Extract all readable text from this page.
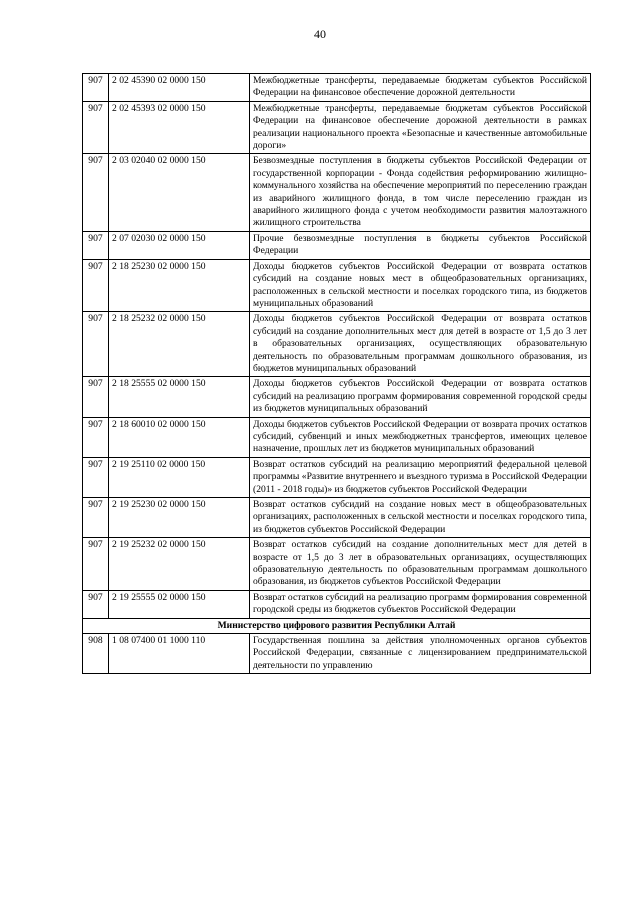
40
907	2 02 45390 02 0000 150	Межбюджетные трансферты, передаваемые бюджетам субъектов Российской Федерации на финансовое обеспечение дорожной деятельности
907	2 02 45393 02 0000 150	Межбюджетные трансферты, передаваемые бюджетам субъектов Российской Федерации на финансовое обеспечение дорожной деятельности в рамках реализации национального проекта «Безопасные и качественные автомобильные дороги»
907	2 03 02040 02 0000 150	Безвозмездные поступления в бюджеты субъектов Российской Федерации от государственной корпорации - Фонда содействия реформированию жилищно-коммунального хозяйства на обеспечение мероприятий по переселению граждан из аварийного жилищного фонда, в том числе переселению граждан из аварийного жилищного фонда с учетом необходимости развития малоэтажного жилищного строительства
907	2 07 02030 02 0000 150	Прочие безвозмездные поступления в бюджеты субъектов Российской Федерации
907	2 18 25230 02 0000 150	Доходы бюджетов субъектов Российской Федерации от возврата остатков субсидий на создание новых мест в общеобразовательных организациях, расположенных в сельской местности и поселках городского типа, из бюджетов муниципальных образований
907	2 18 25232 02 0000 150	Доходы бюджетов субъектов Российской Федерации от возврата остатков субсидий на создание дополнительных мест для детей в возрасте от 1,5 до 3 лет в образовательных организациях, осуществляющих образовательную деятельность по образовательным программам дошкольного образования, из бюджетов муниципальных образований
907	2 18 25555 02 0000 150	Доходы бюджетов субъектов Российской Федерации от возврата остатков субсидий на реализацию программ формирования современной городской среды из бюджетов муниципальных образований
907	2 18 60010 02 0000 150	Доходы бюджетов субъектов Российской Федерации от возврата прочих остатков субсидий, субвенций и иных межбюджетных трансфертов, имеющих целевое назначение, прошлых лет из бюджетов муниципальных образований
907	2 19 25110 02 0000 150	Возврат остатков субсидий на реализацию мероприятий федеральной целевой программы «Развитие внутреннего и въездного туризма в Российской Федерации (2011 - 2018 годы)» из бюджетов субъектов Российской Федерации
907	2 19 25230 02 0000 150	Возврат остатков субсидий на создание новых мест в общеобразовательных организациях, расположенных в сельской местности и поселках городского типа, из бюджетов субъектов Российской Федерации
907	2 19 25232 02 0000 150	Возврат остатков субсидий на создание дополнительных мест для детей в возрасте от 1,5 до 3 лет в образовательных организациях, осуществляющих образовательную деятельность по образовательным программам дошкольного образования, из бюджетов субъектов Российской Федерации
907	2 19 25555 02 0000 150	Возврат остатков субсидий на реализацию программ формирования современной городской среды из бюджетов субъектов Российской Федерации
Министерство цифрового развития Республики Алтай		
908	1 08 07400 01 1000 110	Государственная пошлина за действия уполномоченных органов субъектов Российской Федерации, связанные с лицензированием предпринимательской деятельности по управлению
